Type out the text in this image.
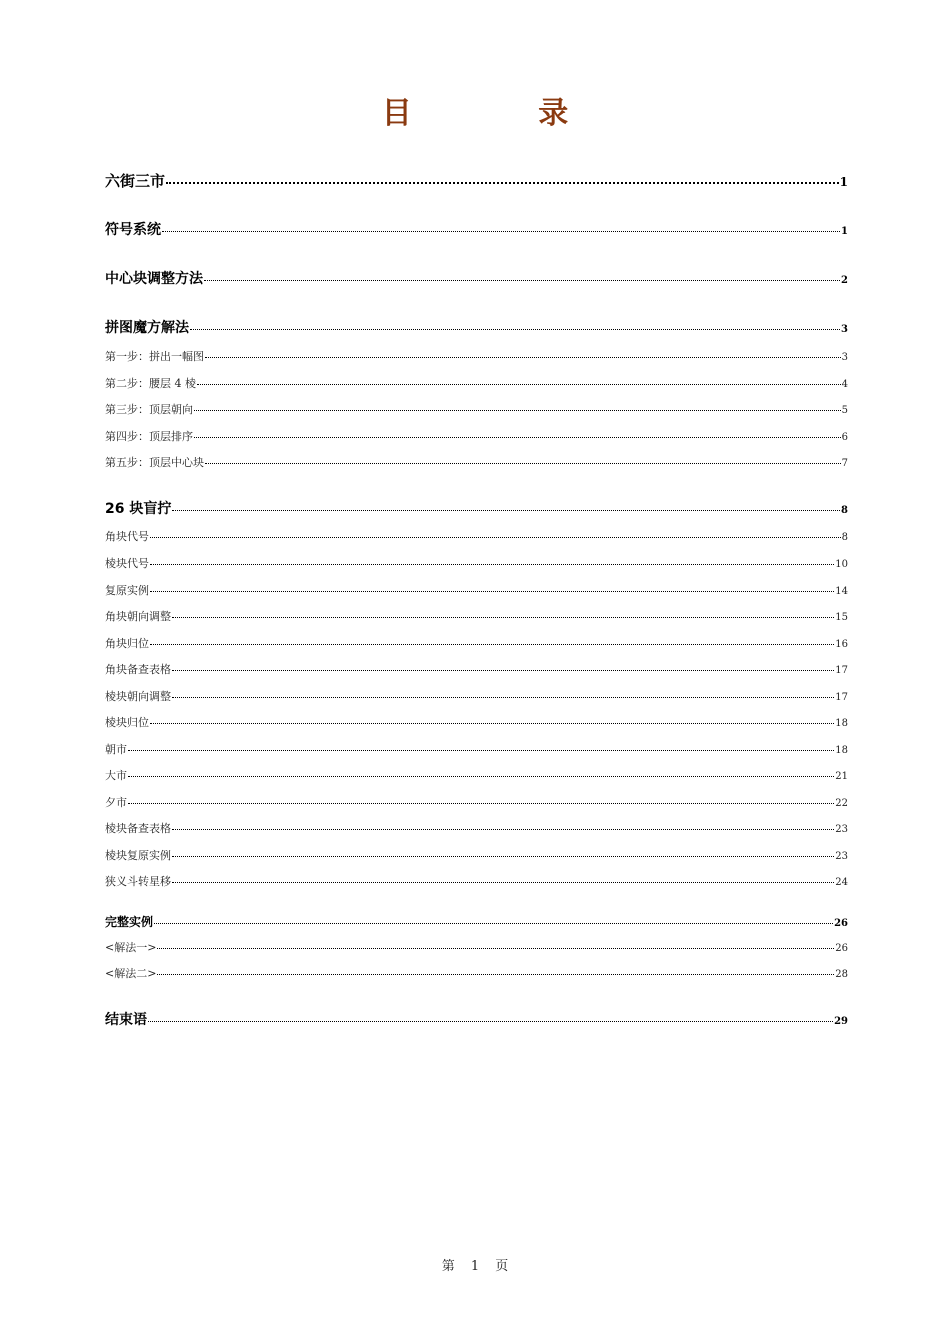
目 录
六街三市	1
符号系统	1
中心块调整方法	2
拼图魔方解法	3
第一步：拼出一幅图	3
第二步：腰层 4 棱	4
第三步：顶层朝向	5
第四步：顶层排序	6
第五步：顶层中心块	7
26 块盲拧	8
角块代号	8
棱块代号	10
复原实例	14
角块朝向调整	15
角块归位	16
角块备查表格	17
棱块朝向调整	17
棱块归位	18
朝市	18
大市	21
夕市	22
棱块备查表格	23
棱块复原实例	23
狭义斗转星移	24
完整实例	26
<解法一>	26
<解法二>	28
结束语	29
第 1 页
